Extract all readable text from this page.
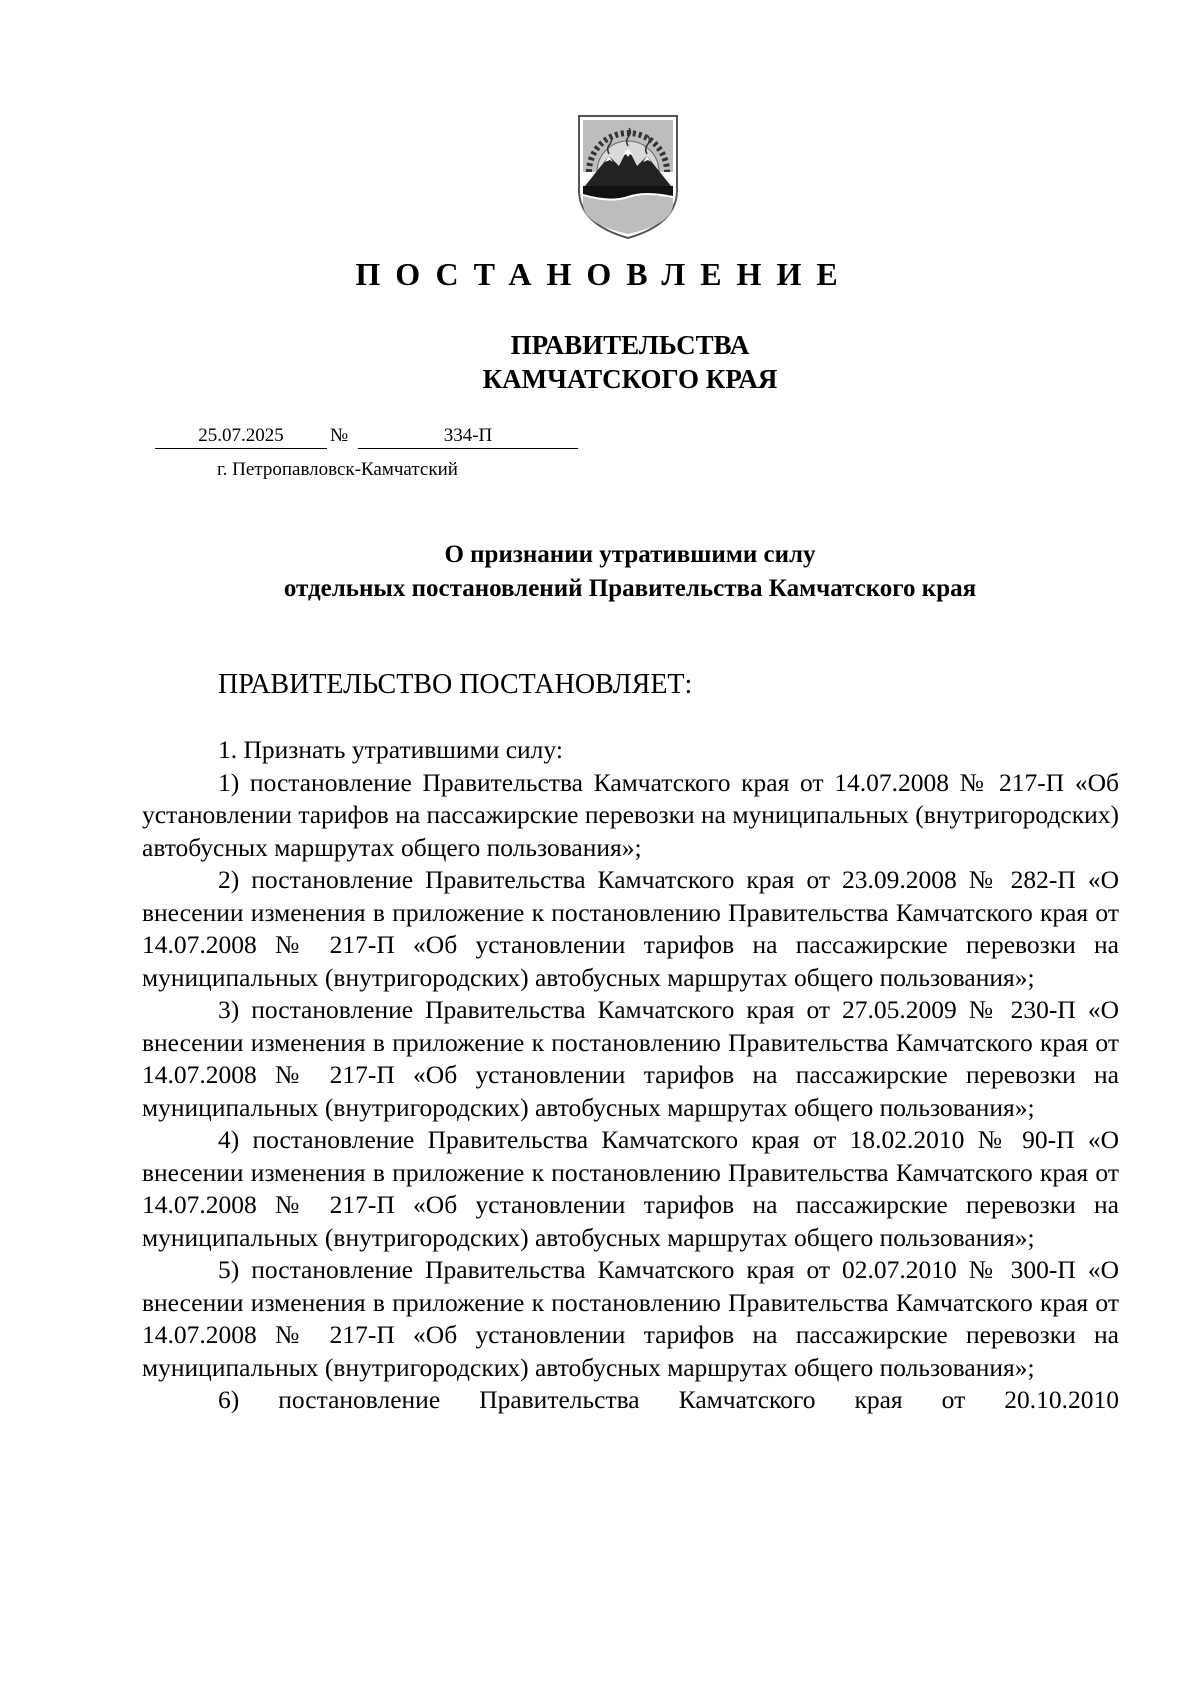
ПОСТАНОВЛЕНИЕ
ПРАВИТЕЛЬСТВА
КАМЧАТСКОГО КРАЯ
25.07.2025	№	334-П
г. Петропавловск-Камчатский
О признании утратившими силу
отдельных постановлений Правительства Камчатского края
ПРАВИТЕЛЬСТВО ПОСТАНОВЛЯЕТ:

1. Признать утратившими силу:

1) постановление Правительства Камчатского края от 14.07.2008 № 217-П «Об установлении тарифов на пассажирские перевозки на муниципальных (внутригородских) автобусных маршрутах общего пользования»;

2) постановление Правительства Камчатского края от 23.09.2008 № 282-П «О внесении изменения в приложение к постановлению Правительства Камчатского края от 14.07.2008 № 217-П «Об установлении тарифов на пассажирские перевозки на муниципальных (внутригородских) автобусных маршрутах общего пользования»;

3) постановление Правительства Камчатского края от 27.05.2009 № 230-П «О внесении изменения в приложение к постановлению Правительства Камчатского края от 14.07.2008 № 217-П «Об установлении тарифов на пассажирские перевозки на муниципальных (внутригородских) автобусных маршрутах общего пользования»;

4) постановление Правительства Камчатского края от 18.02.2010 № 90-П «О внесении изменения в приложение к постановлению Правительства Камчатского края от 14.07.2008 № 217-П «Об установлении тарифов на пассажирские перевозки на муниципальных (внутригородских) автобусных маршрутах общего пользования»;

5) постановление Правительства Камчатского края от 02.07.2010 № 300-П «О внесении изменения в приложение к постановлению Правительства Камчатского края от 14.07.2008 № 217-П «Об установлении тарифов на пассажирские перевозки на муниципальных (внутригородских) автобусных маршрутах общего пользования»;

6) постановление Правительства Камчатского края от 20.10.2010
